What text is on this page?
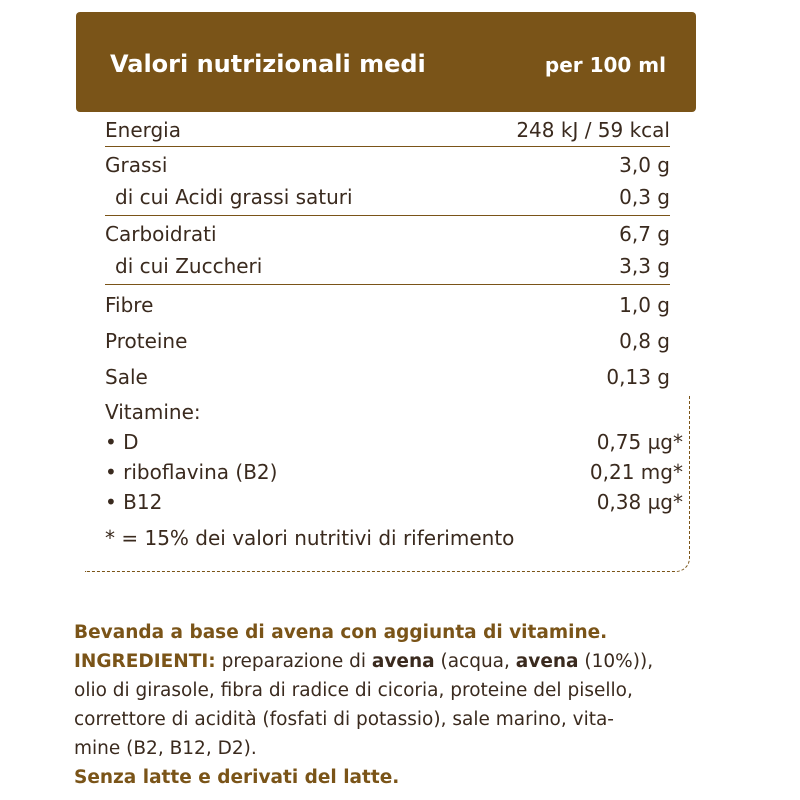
Valori nutrizionali medi	per 100 ml
Energia	248 kJ / 59 kcal
Grassi	3,0 g
di cui Acidi grassi saturi	0,3 g
Carboidrati	6,7 g
di cui Zuccheri	3,3 g
Fibre	1,0 g
Proteine	0,8 g
Sale	0,13 g
Vitamine:
• D	0,75 µg*
• riboflavina (B2)	0,21 mg*
• B12	0,38 µg*
* = 15% dei valori nutritivi di riferimento

Bevanda a base di avena con aggiunta di vitamine.

INGREDIENTI: preparazione di avena (acqua, avena (10%)),

olio di girasole, fibra di radice di cicoria, proteine del pisello,

correttore di acidità (fosfati di potassio), sale marino, vita-

mine (B2, B12, D2).

Senza latte e derivati del latte.
